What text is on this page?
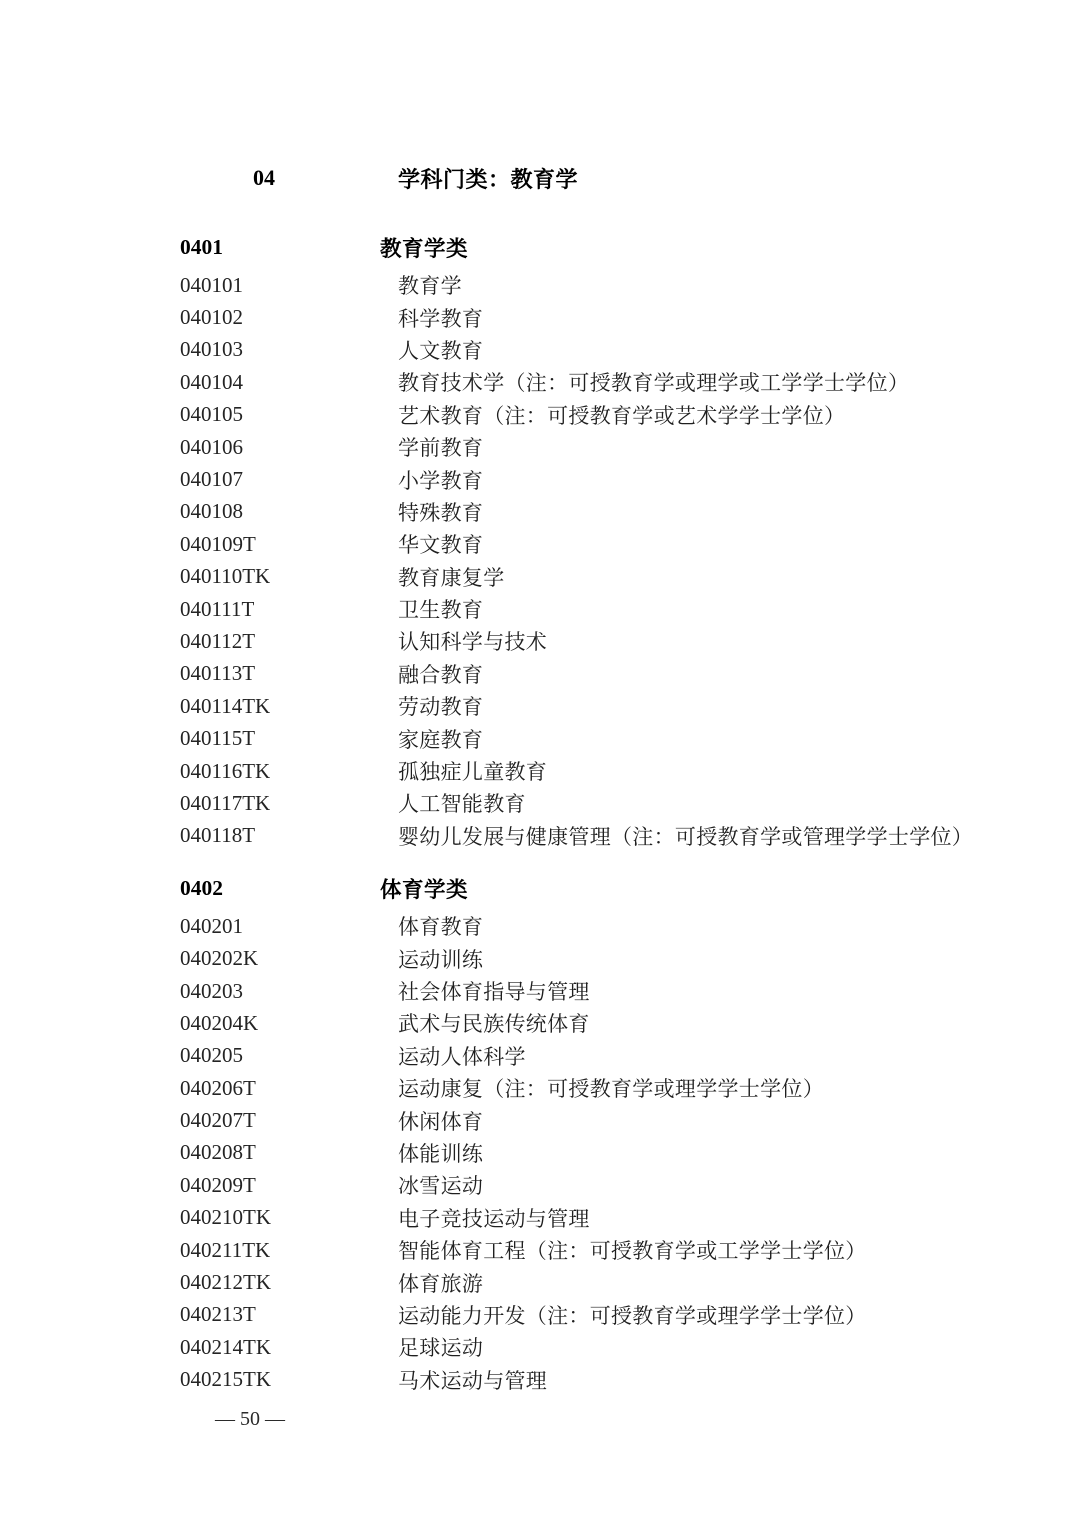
04	学科门类：教育学
0401	教育学类
040101	教育学
040102	科学教育
040103	人文教育
040104	教育技术学（注：可授教育学或理学或工学学士学位）
040105	艺术教育（注：可授教育学或艺术学学士学位）
040106	学前教育
040107	小学教育
040108	特殊教育
040109T	华文教育
040110TK	教育康复学
040111T	卫生教育
040112T	认知科学与技术
040113T	融合教育
040114TK	劳动教育
040115T	家庭教育
040116TK	孤独症儿童教育
040117TK	人工智能教育
040118T	婴幼儿发展与健康管理（注：可授教育学或管理学学士学位）
0402	体育学类
040201	体育教育
040202K	运动训练
040203	社会体育指导与管理
040204K	武术与民族传统体育
040205	运动人体科学
040206T	运动康复（注：可授教育学或理学学士学位）
040207T	休闲体育
040208T	体能训练
040209T	冰雪运动
040210TK	电子竞技运动与管理
040211TK	智能体育工程（注：可授教育学或工学学士学位）
040212TK	体育旅游
040213T	运动能力开发（注：可授教育学或理学学士学位）
040214TK	足球运动
040215TK	马术运动与管理
— 50 —
